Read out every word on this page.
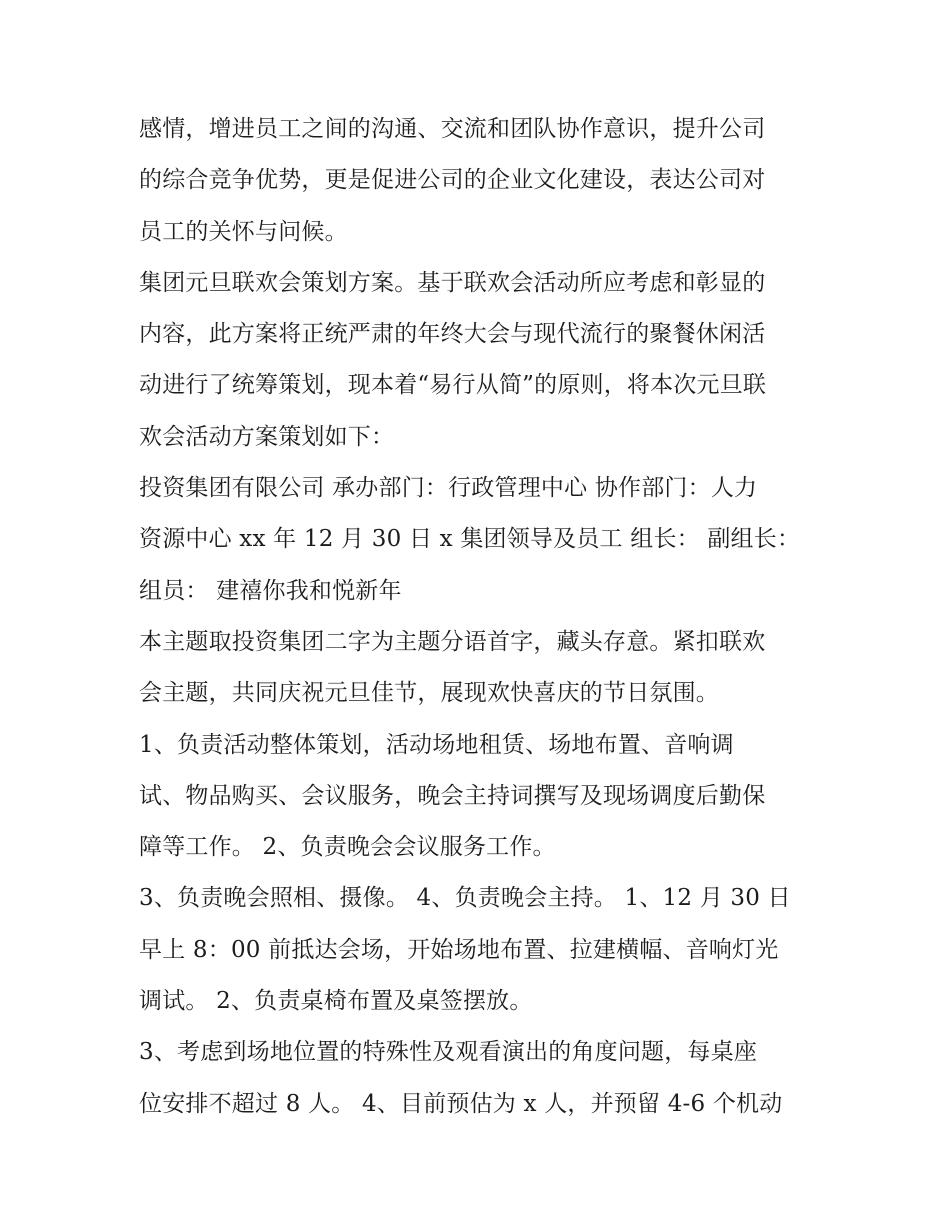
感情，增进员工之间的沟通、交流和团队协作意识，提升公司
的综合竞争优势，更是促进公司的企业文化建设，表达公司对
员工的关怀与问候。
集团元旦联欢会策划方案。基于联欢会活动所应考虑和彰显的
内容，此方案将正统严肃的年终大会与现代流行的聚餐休闲活
动进行了统筹策划，现本着“易行从简”的原则，将本次元旦联
欢会活动方案策划如下：
投资集团有限公司 承办部门：行政管理中心 协作部门：人力
资源中心 xx 年 12 月 30 日 x 集团领导及员工 组长： 副组长：
组员： 建禧你我和悦新年
本主题取投资集团二字为主题分语首字，藏头存意。紧扣联欢
会主题，共同庆祝元旦佳节，展现欢快喜庆的节日氛围。
1、负责活动整体策划，活动场地租赁、场地布置、音响调
试、物品购买、会议服务，晚会主持词撰写及现场调度后勤保
障等工作。 2、负责晚会会议服务工作。
3、负责晚会照相、摄像。 4、负责晚会主持。 1、12 月 30 日
早上 8：00 前抵达会场，开始场地布置、拉建横幅、音响灯光
调试。 2、负责桌椅布置及桌签摆放。
3、考虑到场地位置的特殊性及观看演出的角度问题，每桌座
位安排不超过 8 人。 4、目前预估为 x 人，并预留 4-6 个机动
